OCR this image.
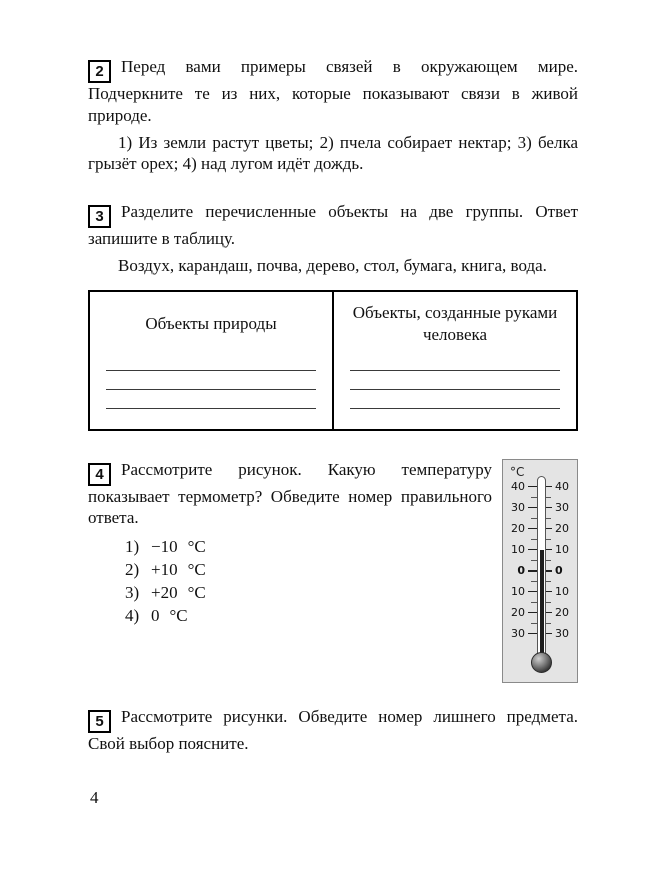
2 Перед вами примеры связей в окружающем мире. Подчеркните те из них, которые показывают связи в живой природе.

1) Из земли растут цветы; 2) пчела собирает нектар; 3) белка грызёт орех; 4) над лугом идёт дождь.

3 Разделите перечисленные объекты на две группы. Ответ запишите в таблицу.

Воздух, карандаш, почва, дерево, стол, бумага, книга, вода.

Объекты природы

Объекты, созданные руками человека

4 Рассмотрите рисунок. Какую температуру показывает термометр? Обведите номер правильного ответа.

1) −10 °C
2) +10 °C
3) +20 °C
4) 0 °C
°C
40	40
30	30
20	20
10	10
0	0
10	10
20	20
30	30

5 Рассмотрите рисунки. Обведите номер лишнего предмета. Свой выбор поясните.

4
